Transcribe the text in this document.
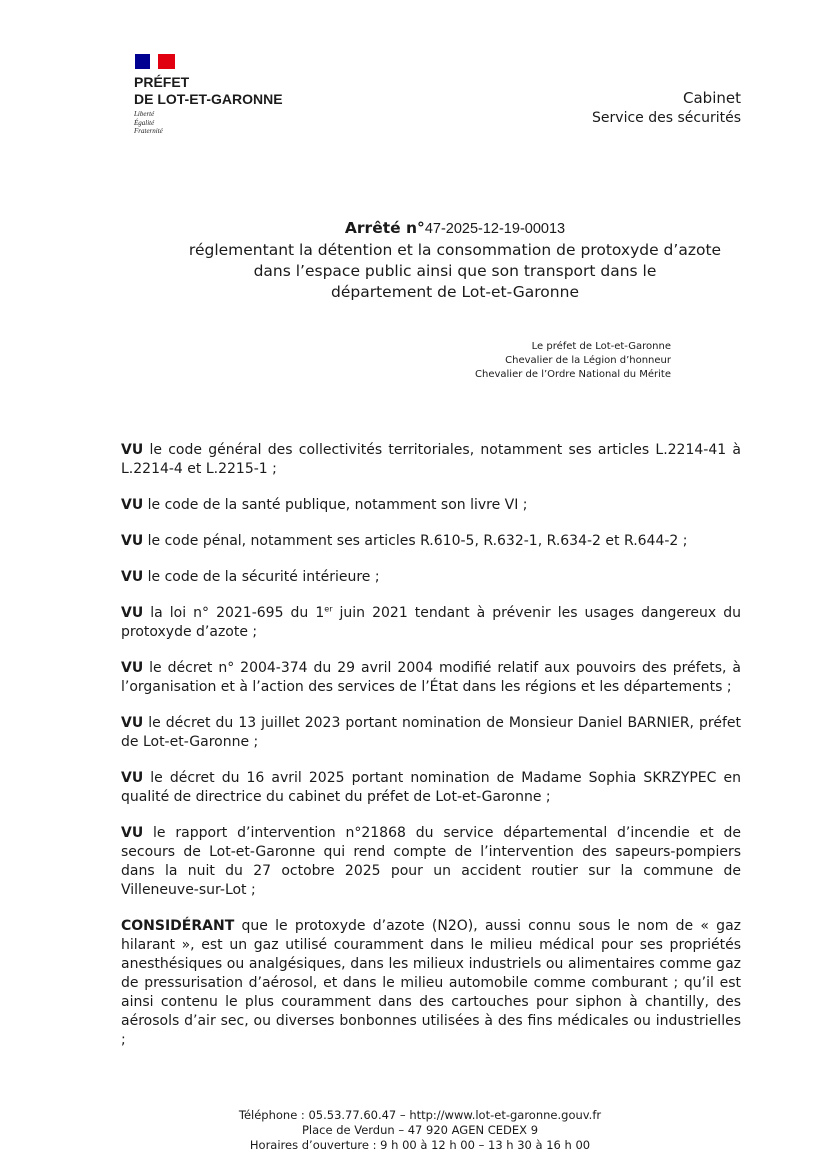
PRÉFET
DE LOT-ET-GARONNE
Liberté
Égalité
Fraternité
Cabinet
Service des sécurités
Arrêté n°47-2025-12-19-00013
réglementant la détention et la consommation de protoxyde d’azote
dans l’espace public ainsi que son transport dans le
département de Lot-et-Garonne
Le préfet de Lot-et-Garonne
Chevalier de la Légion d’honneur
Chevalier de l’Ordre National du Mérite

VU le code général des collectivités territoriales, notamment ses articles L.2214-41 à L.2214-4 et L.2215-1 ;

VU le code de la santé publique, notamment son livre VI ;

VU le code pénal, notamment ses articles R.610-5, R.632-1, R.634-2 et R.644-2 ;

VU le code de la sécurité intérieure ;

VU la loi n° 2021-695 du 1er juin 2021 tendant à prévenir les usages dangereux du protoxyde d’azote ;

VU le décret n° 2004-374 du 29 avril 2004 modifié relatif aux pouvoirs des préfets, à l’organisation et à l’action des services de l’État dans les régions et les départements ;

VU le décret du 13 juillet 2023 portant nomination de Monsieur Daniel BARNIER, préfet de Lot-et-Garonne ;

VU le décret du 16 avril 2025 portant nomination de Madame Sophia SKRZYPEC en qualité de directrice du cabinet du préfet de Lot-et-Garonne ;

VU le rapport d’intervention n°21868 du service départemental d’incendie et de secours de Lot-et-Garonne qui rend compte de l’intervention des sapeurs-pompiers dans la nuit du 27 octobre 2025 pour un accident routier sur la commune de Villeneuve-sur-Lot ;

CONSIDÉRANT que le protoxyde d’azote (N2O), aussi connu sous le nom de « gaz hilarant », est un gaz utilisé couramment dans le milieu médical pour ses propriétés anesthésiques ou analgésiques, dans les milieux industriels ou alimentaires comme gaz de pressurisation d’aérosol, et dans le milieu automobile comme comburant ; qu’il est ainsi contenu le plus couramment dans des cartouches pour siphon à chantilly, des aérosols d’air sec, ou diverses bonbonnes utilisées à des fins médicales ou industrielles ;

Téléphone : 05.53.77.60.47 – http://www.lot-et-garonne.gouv.fr
Place de Verdun – 47 920 AGEN CEDEX 9
Horaires d’ouverture : 9 h 00 à 12 h 00 – 13 h 30 à 16 h 00
